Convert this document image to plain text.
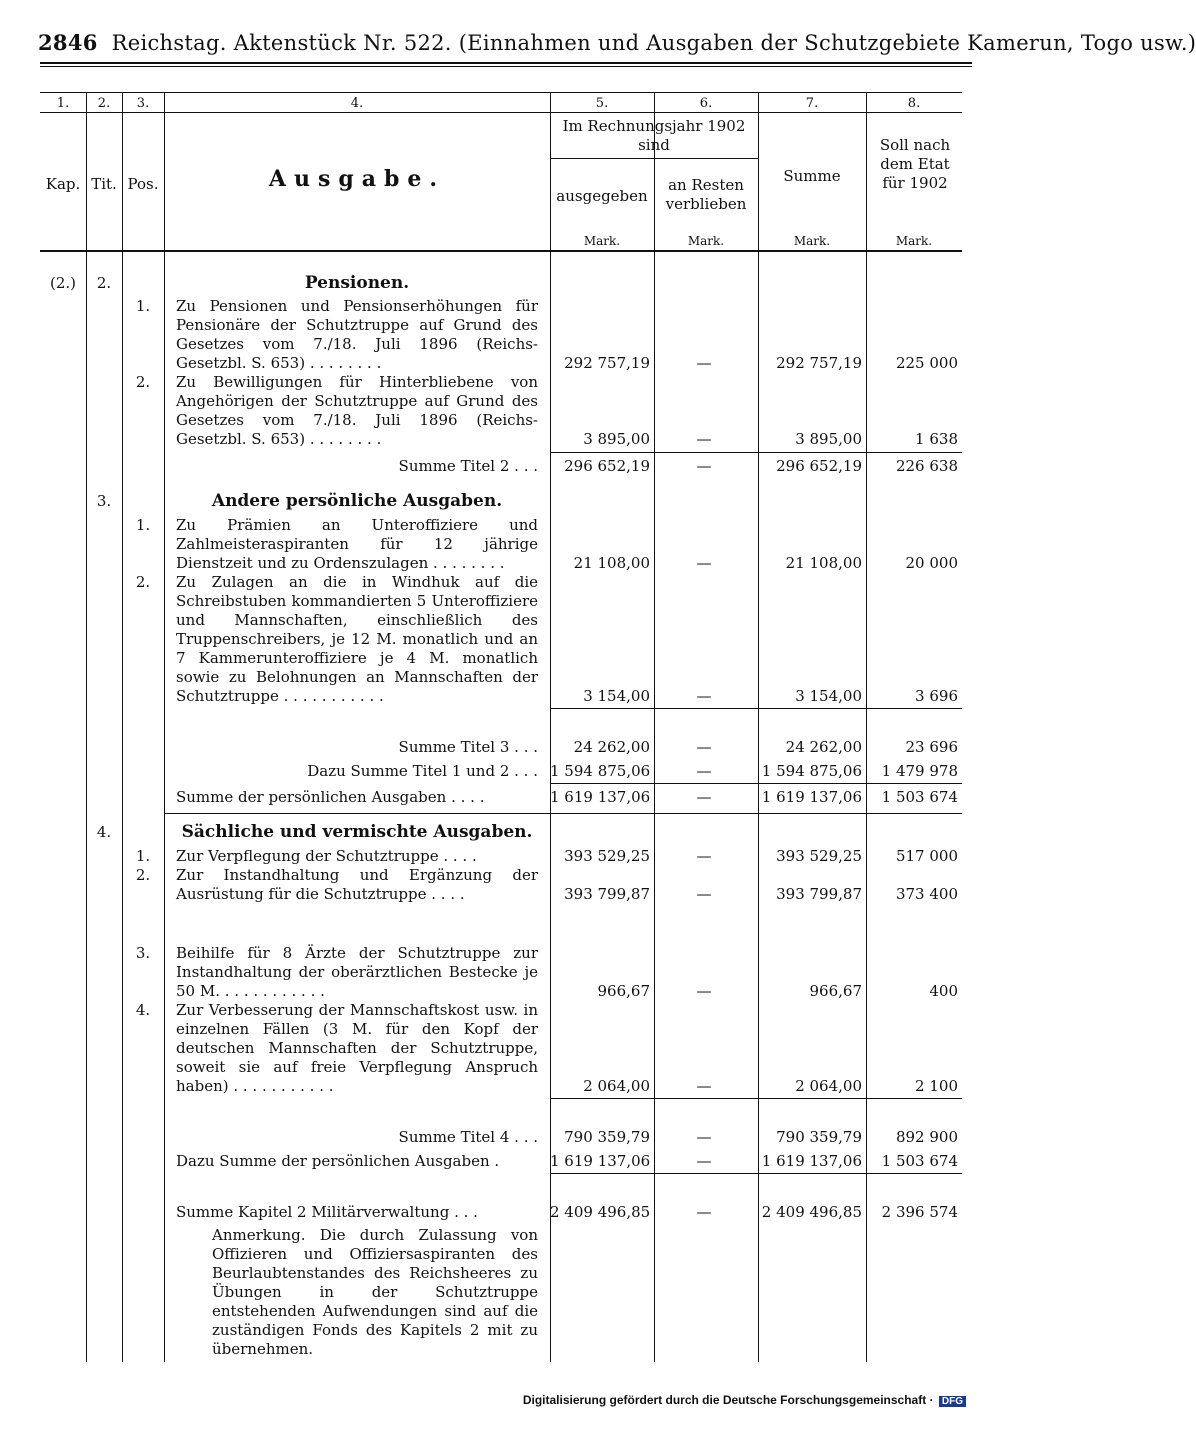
2846 Reichstag. Aktenstück Nr. 522. (Einnahmen und Ausgaben der Schutzgebiete Kamerun, Togo usw.)
1.	2.	3.	4.	5.	6.	7.	8.
Kap. Tit. Pos.	Ausgabe.
Im Rechnungsjahr 1902 sind
ausgegeben
an Resten verblieben
Summe
Soll nach dem Etat für 1902
Mark.	Mark.	Mark.	Mark.
(2.)	2.	Pensionen.
1.	Zu Pensionen und Pensionserhöhungen für Pensionäre der Schutztruppe auf Grund des Gesetzes vom 7./18. Juli 1896 (Reichs-Gesetzbl. S. 653) . . . . . . . .	292 757,19	—	292 757,19	225 000
2.	Zu Bewilligungen für Hinterbliebene von Angehörigen der Schutztruppe auf Grund des Gesetzes vom 7./18. Juli 1896 (Reichs-Gesetzbl. S. 653) . . . . . . . .	3 895,00	—	3 895,00	1 638
Summe Titel 2 . . .	296 652,19	—	296 652,19	226 638
3.	Andere persönliche Ausgaben.
1.	Zu Prämien an Unteroffiziere und Zahlmeisteraspiranten für 12 jährige Dienstzeit und zu Ordenszulagen . . . . . . . .	21 108,00	—	21 108,00	20 000
2.	Zu Zulagen an die in Windhuk auf die Schreibstuben kommandierten 5 Unteroffiziere und Mannschaften, einschließlich des Truppenschreibers, je 12 M. monatlich und an 7 Kammerunteroffiziere je 4 M. monatlich sowie zu Belohnungen an Mannschaften der Schutztruppe . . . . . . . . . . .	3 154,00	—	3 154,00	3 696
Summe Titel 3 . . .	24 262,00	—	24 262,00	23 696
Dazu Summe Titel 1 und 2 . . . 1 594 875,06	—	1 594 875,06	1 479 978
Summe der persönlichen Ausgaben . . . .	1 619 137,06	—	1 619 137,06	1 503 674
4.	Sächliche und vermischte Ausgaben.
1.	Zur Verpflegung der Schutztruppe . . . .	393 529,25	—	393 529,25	517 000
2.	Zur Instandhaltung und Ergänzung der Ausrüstung für die Schutztruppe . . . .	393 799,87	—	393 799,87	373 400
3.	Beihilfe für 8 Ärzte der Schutztruppe zur Instandhaltung der oberärztlichen Bestecke je 50 M. . . . . . . . . . . .	966,67	—	966,67	400
4.	Zur Verbesserung der Mannschaftskost usw. in einzelnen Fällen (3 M. für den Kopf der deutschen Mannschaften der Schutztruppe, soweit sie auf freie Verpflegung Anspruch haben) . . . . . . . . . . .	2 064,00	—	2 064,00	2 100
Summe Titel 4 . . .	790 359,79	—	790 359,79	892 900
Dazu Summe der persönlichen Ausgaben .	1 619 137,06	—	1 619 137,06	1 503 674
Summe Kapitel 2 Militärverwaltung . . .	2 409 496,85	—	2 409 496,85	2 396 574
Anmerkung. Die durch Zulassung von Offizieren und Offiziersaspiranten des Beurlaubtenstandes des Reichsheeres zu Übungen in der Schutztruppe entstehenden Aufwendungen sind auf die zuständigen Fonds des Kapitels 2 mit zu übernehmen.
Digitalisierung gefördert durch die Deutsche Forschungsgemeinschaft · DFG
